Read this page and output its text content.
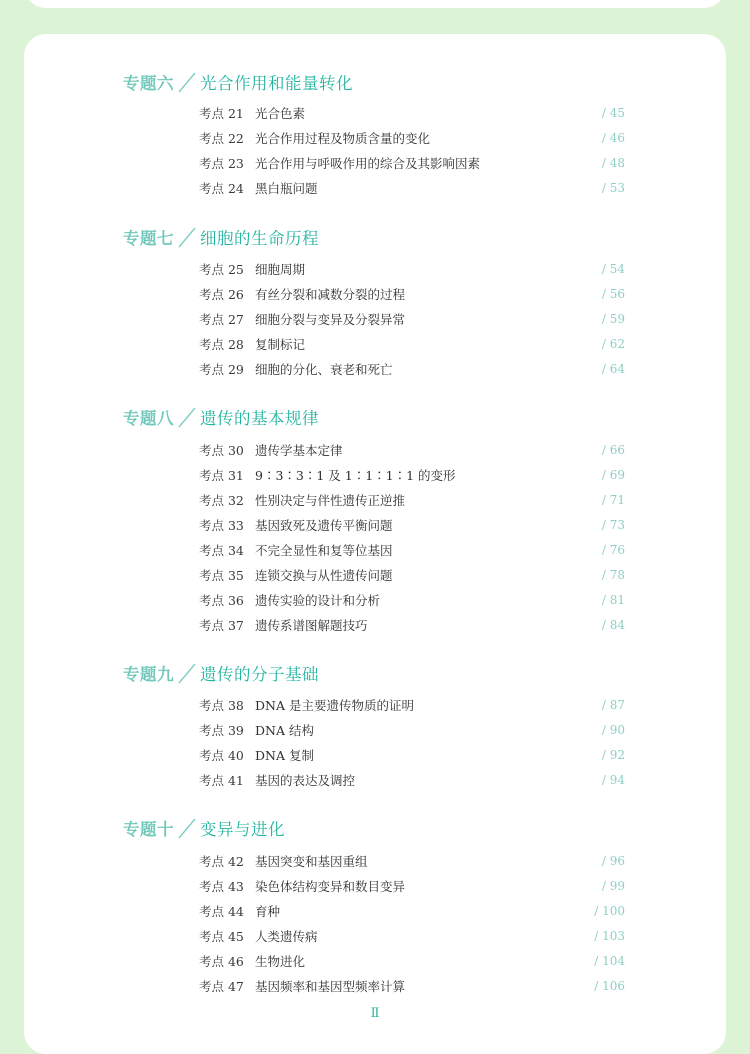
专题六 光合作用和能量转化
考点 21 光合色素	/ 45
考点 22 光合作用过程及物质含量的变化	/ 46
考点 23 光合作用与呼吸作用的综合及其影响因素	/ 48
考点 24 黑白瓶问题	/ 53
专题七 细胞的生命历程
考点 25 细胞周期	/ 54
考点 26 有丝分裂和减数分裂的过程	/ 56
考点 27 细胞分裂与变异及分裂异常	/ 59
考点 28 复制标记	/ 62
考点 29 细胞的分化、衰老和死亡	/ 64
专题八 遗传的基本规律
考点 30 遗传学基本定律	/ 66
考点 31 9∶3∶3∶1 及 1∶1∶1∶1 的变形	/ 69
考点 32 性别决定与伴性遗传正逆推	/ 71
考点 33 基因致死及遗传平衡问题	/ 73
考点 34 不完全显性和复等位基因	/ 76
考点 35 连锁交换与从性遗传问题	/ 78
考点 36 遗传实验的设计和分析	/ 81
考点 37 遗传系谱图解题技巧	/ 84
专题九 遗传的分子基础
考点 38 DNA 是主要遗传物质的证明	/ 87
考点 39 DNA 结构	/ 90
考点 40 DNA 复制	/ 92
考点 41 基因的表达及调控	/ 94
专题十 变异与进化
考点 42 基因突变和基因重组	/ 96
考点 43 染色体结构变异和数目变异	/ 99
考点 44 育种	/ 100
考点 45 人类遗传病	/ 103
考点 46 生物进化	/ 104
考点 47 基因频率和基因型频率计算	/ 106
Ⅱ
